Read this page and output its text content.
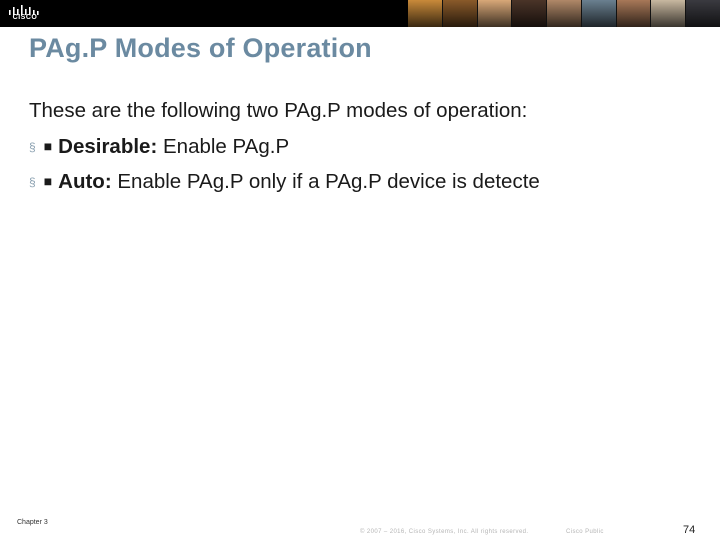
CISCO
PAg.P Modes of Operation
These are the following two PAg.P modes of operation:
§ ■ Desirable: Enable PAg.P
§ ■ Auto: Enable PAg.P only if a PAg.P device is detecte
Chapter 3
© 2007 – 2016, Cisco Systems, Inc. All rights reserved.	Cisco Public	74
